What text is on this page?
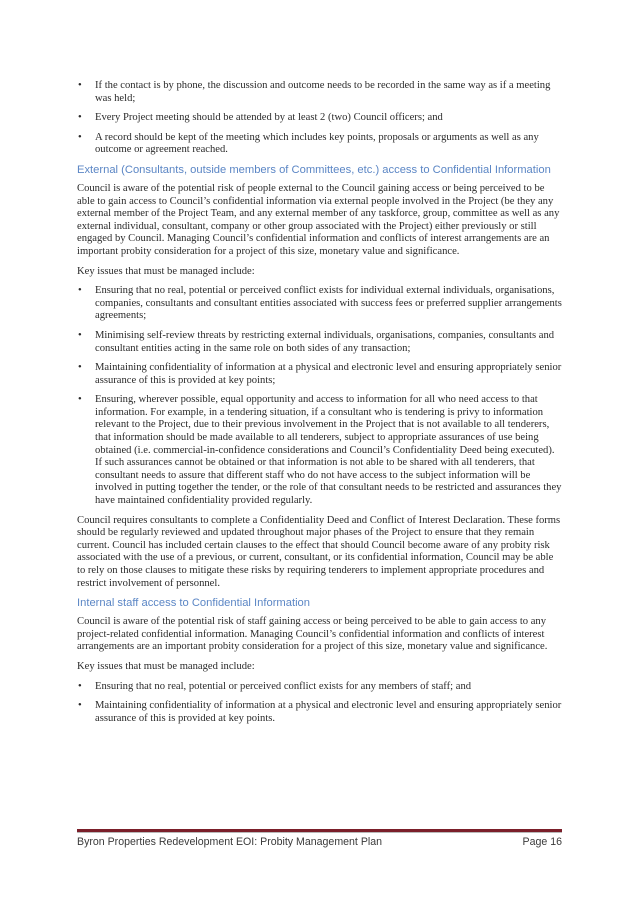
• If the contact is by phone, the discussion and outcome needs to be recorded in the same way as if a meeting was held;
• Every Project meeting should be attended by at least 2 (two) Council officers; and
• A record should be kept of the meeting which includes key points, proposals or arguments as well as any outcome or agreement reached.
External (Consultants, outside members of Committees, etc.) access to Confidential Information

Council is aware of the potential risk of people external to the Council gaining access or being perceived to be able to gain access to Council’s confidential information via external people involved in the Project (be they any external member of the Project Team, and any external member of any taskforce, group, committee as well as any external individual, consultant, company or other group associated with the Project) either previously or still engaged by Council. Managing Council’s confidential information and conflicts of interest arrangements are an important probity consideration for a project of this size, monetary value and significance.

Key issues that must be managed include:

• Ensuring that no real, potential or perceived conflict exists for individual external individuals, organisations, companies, consultants and consultant entities associated with success fees or preferred supplier arrangements agreements;
• Minimising self-review threats by restricting external individuals, organisations, companies, consultants and consultant entities acting in the same role on both sides of any transaction;
• Maintaining confidentiality of information at a physical and electronic level and ensuring appropriately senior assurance of this is provided at key points;
• Ensuring, wherever possible, equal opportunity and access to information for all who need access to that information. For example, in a tendering situation, if a consultant who is tendering is privy to information relevant to the Project, due to their previous involvement in the Project that is not available to all tenderers, that information should be made available to all tenderers, subject to appropriate assurances of use being obtained (i.e. commercial-in-confidence considerations and Council’s Confidentiality Deed being executed). If such assurances cannot be obtained or that information is not able to be shared with all tenderers, that consultant needs to assure that different staff who do not have access to the subject information will be involved in putting together the tender, or the role of that consultant needs to be restricted and assurances they have maintained confidentiality provided regularly.

Council requires consultants to complete a Confidentiality Deed and Conflict of Interest Declaration. These forms should be regularly reviewed and updated throughout major phases of the Project to ensure that they remain current. Council has included certain clauses to the effect that should Council become aware of any probity risk associated with the use of a previous, or current, consultant, or its confidential information, Council may be able to rely on those clauses to mitigate these risks by requiring tenderers to implement appropriate procedures and restrict involvement of personnel.

Internal staff access to Confidential Information

Council is aware of the potential risk of staff gaining access or being perceived to be able to gain access to any project-related confidential information. Managing Council’s confidential information and conflicts of interest arrangements are an important probity consideration for a project of this size, monetary value and significance.

Key issues that must be managed include:

• Ensuring that no real, potential or perceived conflict exists for any members of staff; and
• Maintaining confidentiality of information at a physical and electronic level and ensuring appropriately senior assurance of this is provided at key points.
Byron Properties Redevelopment EOI: Probity Management Plan	Page 16
